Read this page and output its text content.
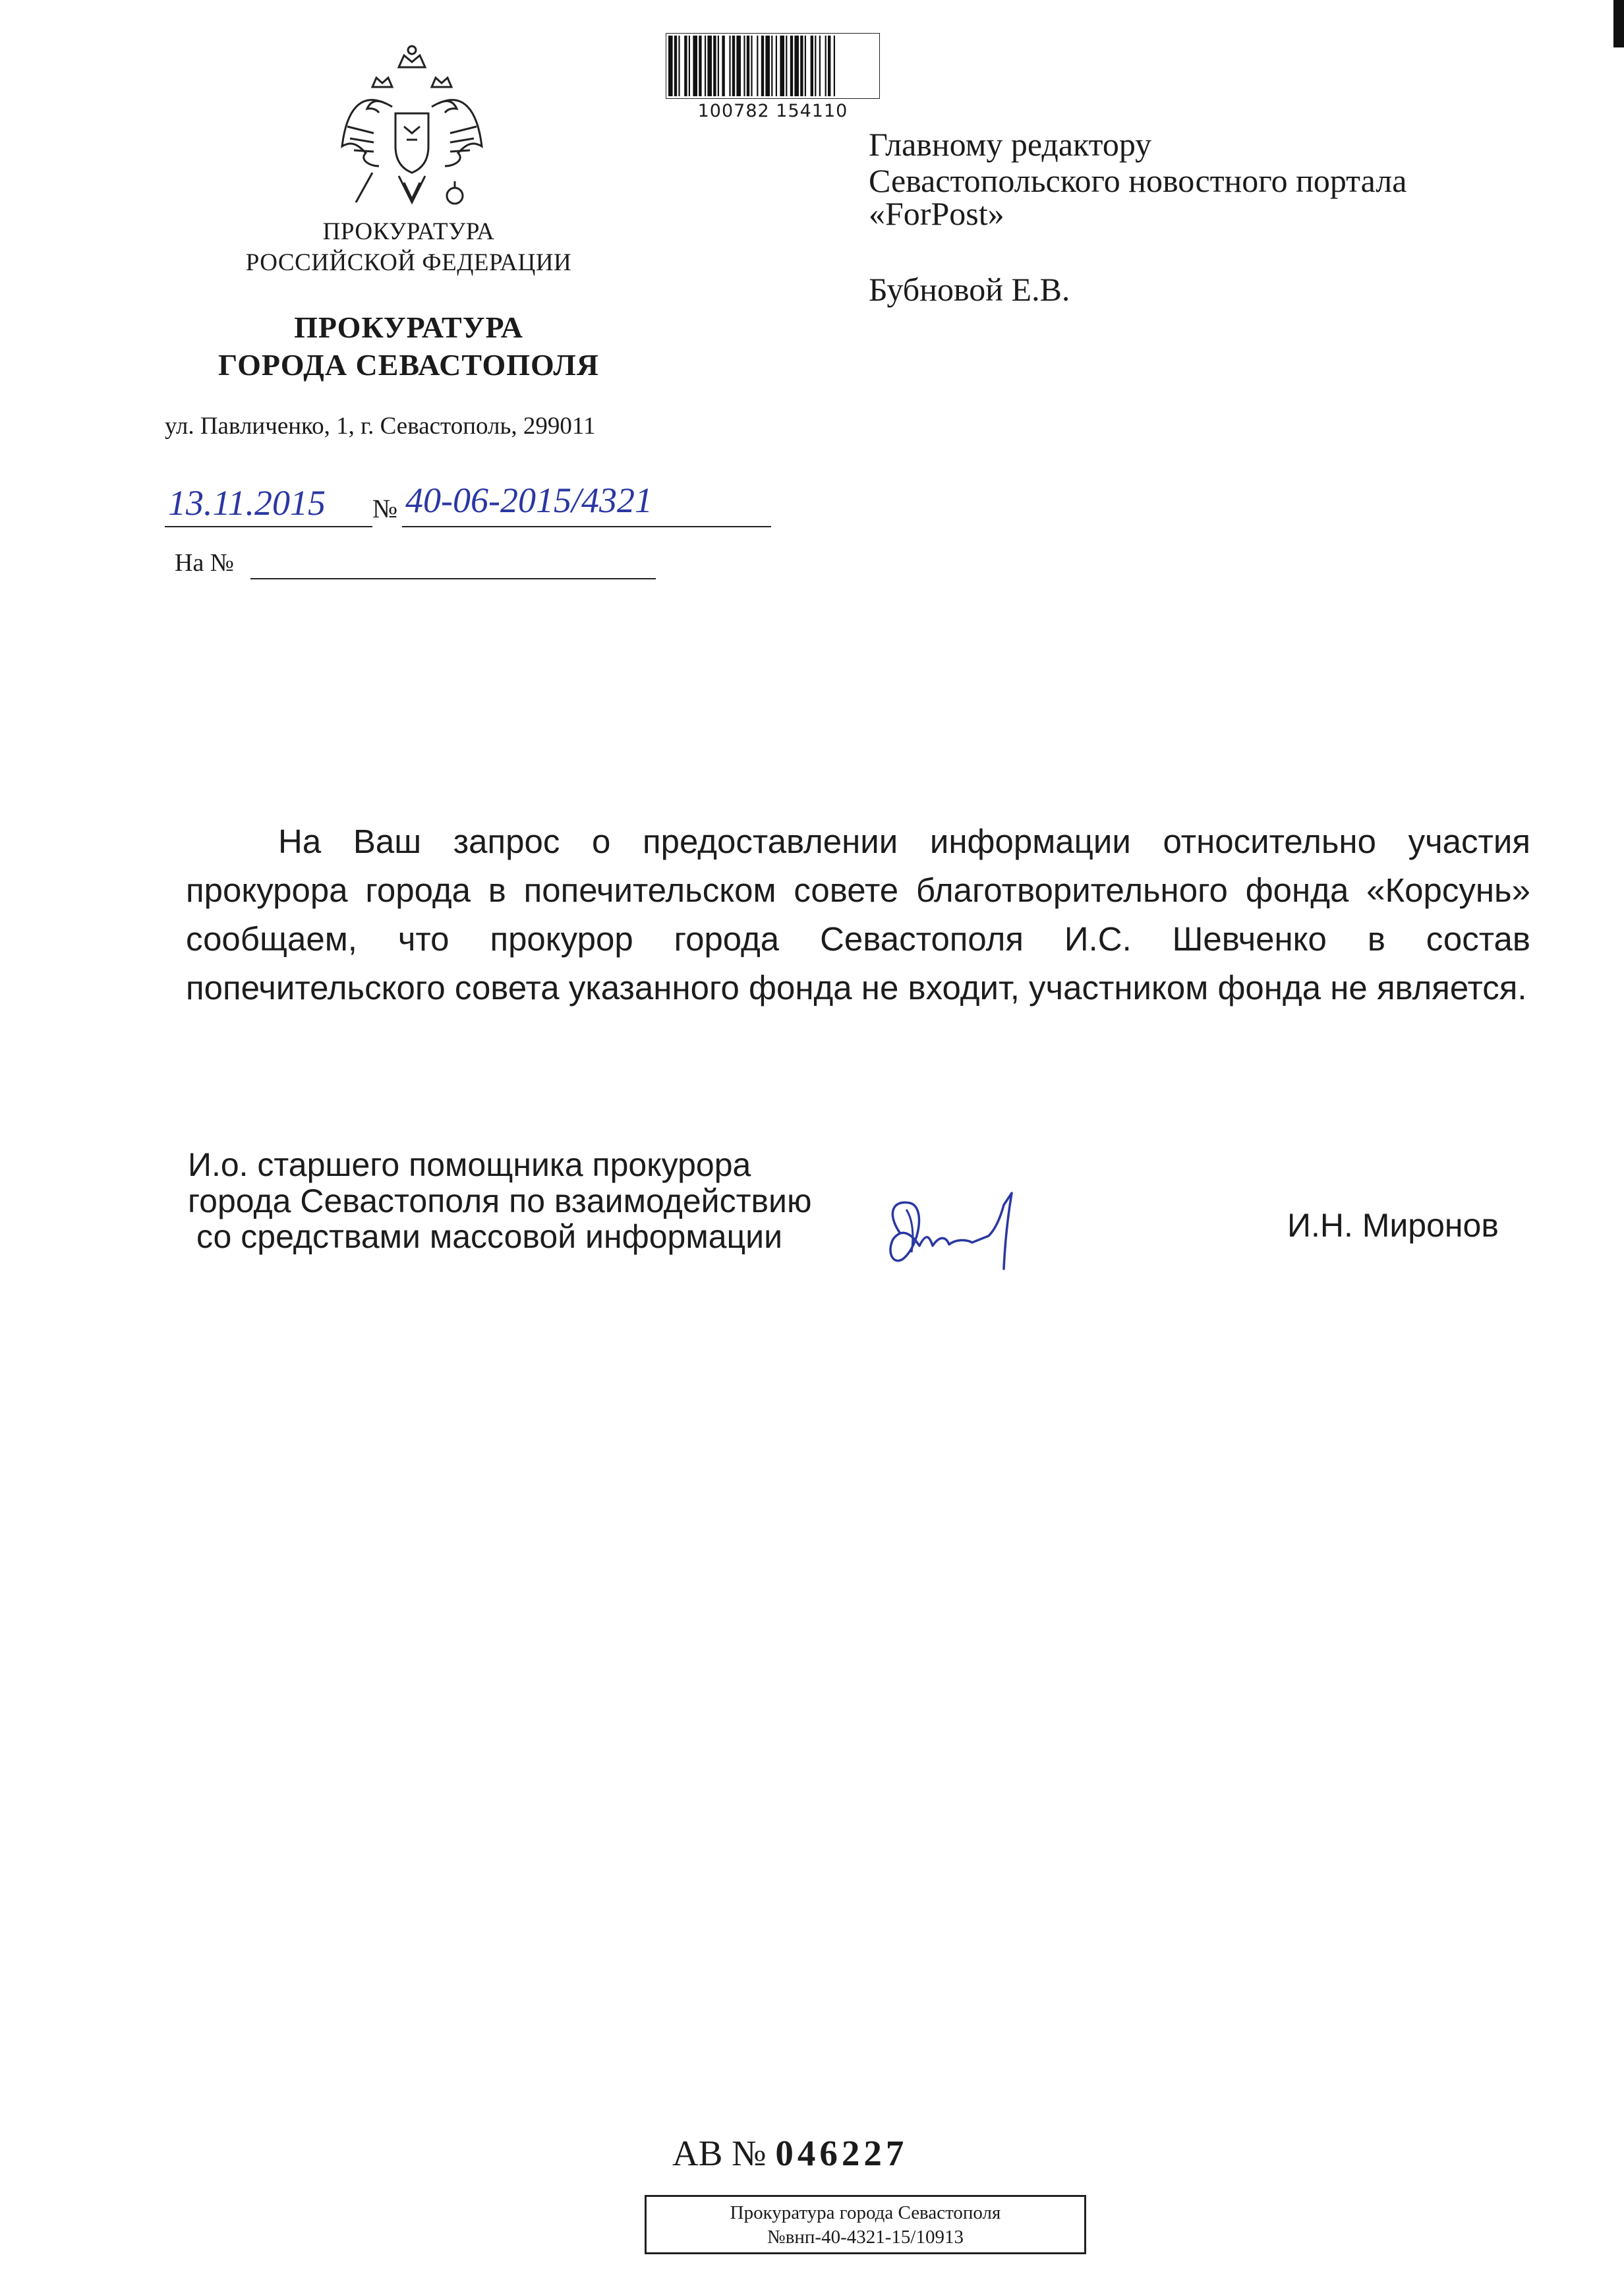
ПРОКУРАТУРА
РОССИЙСКОЙ ФЕДЕРАЦИИ
ПРОКУРАТУРА
ГОРОДА СЕВАСТОПОЛЯ
ул. Павличенко, 1, г. Севастополь, 299011
13.11.2015 № 40-06-2015/4321
На №
100782 154110
Главному редактору
Севастопольского новостного портала
«ForPost»
Бубновой Е.В.
На Ваш запрос о предоставлении информации относительно участия прокурора города в попечительском совете благотворительного фонда «Корсунь» сообщаем, что прокурор города Севастополя И.С. Шевченко в состав попечительского совета указанного фонда не входит, участником фонда не является.
И.о. старшего помощника прокурора
города Севастополя по взаимодействию
со средствами массовой информации	И.Н. Миронов
АВ № 046227
Прокуратура города Севастополя
№внп-40-4321-15/10913
